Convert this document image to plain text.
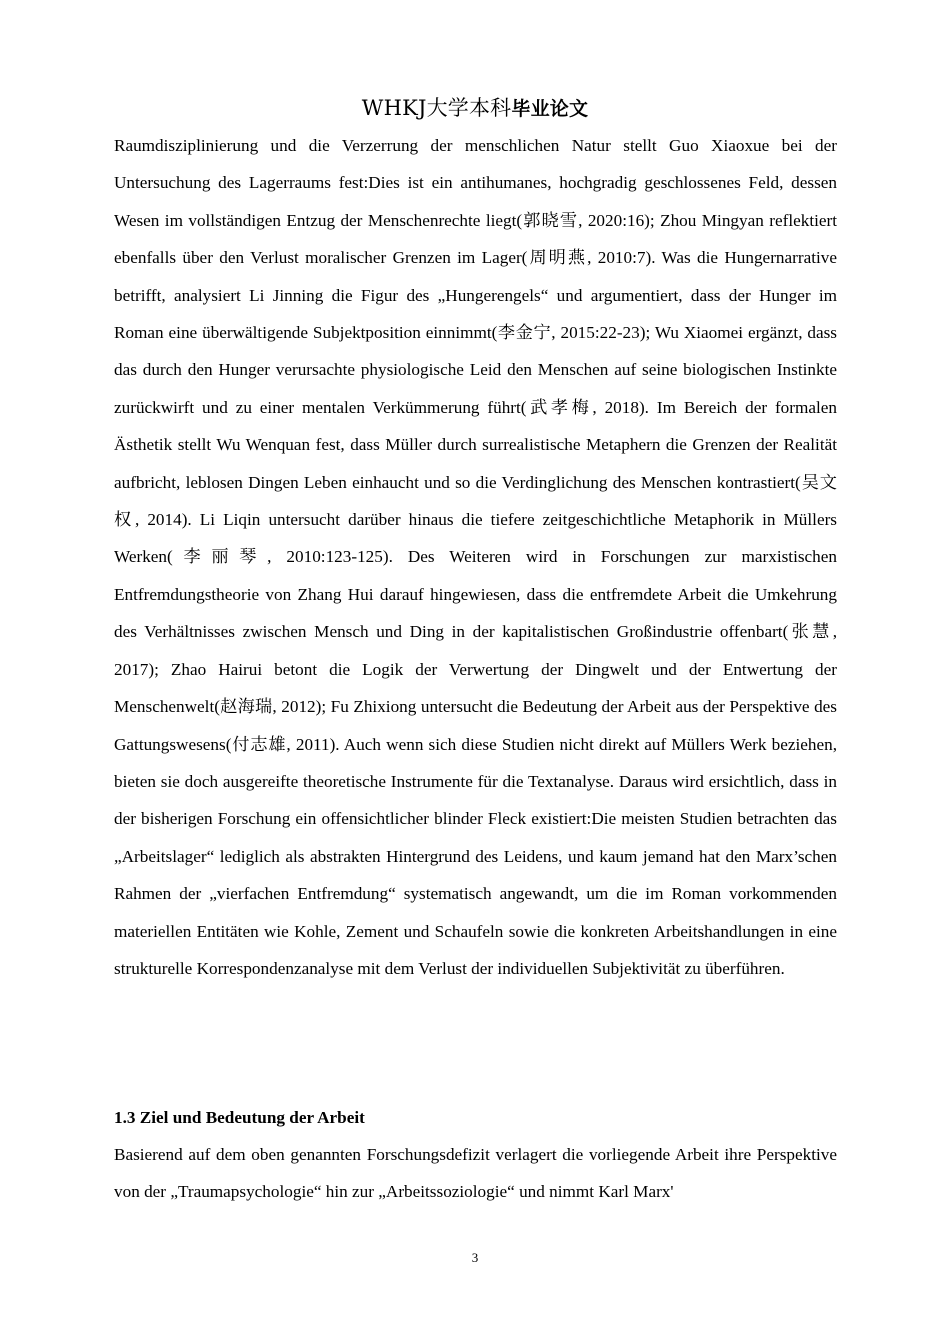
WHKJ大学本科毕业论文

Raumdisziplinierung und die Verzerrung der menschlichen Natur stellt Guo Xiaoxue bei der Untersuchung des Lagerraums fest:Dies ist ein antihumanes, hochgradig geschlossenes Feld, dessen Wesen im vollständigen Entzug der Menschenrechte liegt(郭晓雪, 2020:16); Zhou Mingyan reflektiert ebenfalls über den Verlust moralischer Grenzen im Lager(周明燕, 2010:7). Was die Hungernarrative betrifft, analysiert Li Jinning die Figur des „Hungerengels“ und argumentiert, dass der Hunger im Roman eine überwältigende Subjektposition einnimmt(李金宁, 2015:22-23); Wu Xiaomei ergänzt, dass das durch den Hunger verursachte physiologische Leid den Menschen auf seine biologischen Instinkte zurückwirft und zu einer mentalen Verkümmerung führt(武孝梅, 2018). Im Bereich der formalen Ästhetik stellt Wu Wenquan fest, dass Müller durch surrealistische Metaphern die Grenzen der Realität aufbricht, leblosen Dingen Leben einhaucht und so die Verdinglichung des Menschen kontrastiert(吴文权, 2014). Li Liqin untersucht darüber hinaus die tiefere zeitgeschichtliche Metaphorik in Müllers Werken(李丽琴, 2010:123-125). Des Weiteren wird in Forschungen zur marxistischen Entfremdungstheorie von Zhang Hui darauf hingewiesen, dass die entfremdete Arbeit die Umkehrung des Verhältnisses zwischen Mensch und Ding in der kapitalistischen Großindustrie offenbart(张慧, 2017); Zhao Hairui betont die Logik der Verwertung der Dingwelt und der Entwertung der Menschenwelt(赵海瑞, 2012); Fu Zhixiong untersucht die Bedeutung der Arbeit aus der Perspektive des Gattungswesens(付志雄, 2011). Auch wenn sich diese Studien nicht direkt auf Müllers Werk beziehen, bieten sie doch ausgereifte theoretische Instrumente für die Textanalyse. Daraus wird ersichtlich, dass in der bisherigen Forschung ein offensichtlicher blinder Fleck existiert:Die meisten Studien betrachten das „Arbeitslager“ lediglich als abstrakten Hintergrund des Leidens, und kaum jemand hat den Marx’schen Rahmen der „vierfachen Entfremdung“ systematisch angewandt, um die im Roman vorkommenden materiellen Entitäten wie Kohle, Zement und Schaufeln sowie die konkreten Arbeitshandlungen in eine strukturelle Korrespondenzanalyse mit dem Verlust der individuellen Subjektivität zu überführen.

1.3 Ziel und Bedeutung der Arbeit

Basierend auf dem oben genannten Forschungsdefizit verlagert die vorliegende Arbeit ihre Perspektive von der „Traumapsychologie“ hin zur „Arbeitssoziologie“ und nimmt Karl Marx'

3
